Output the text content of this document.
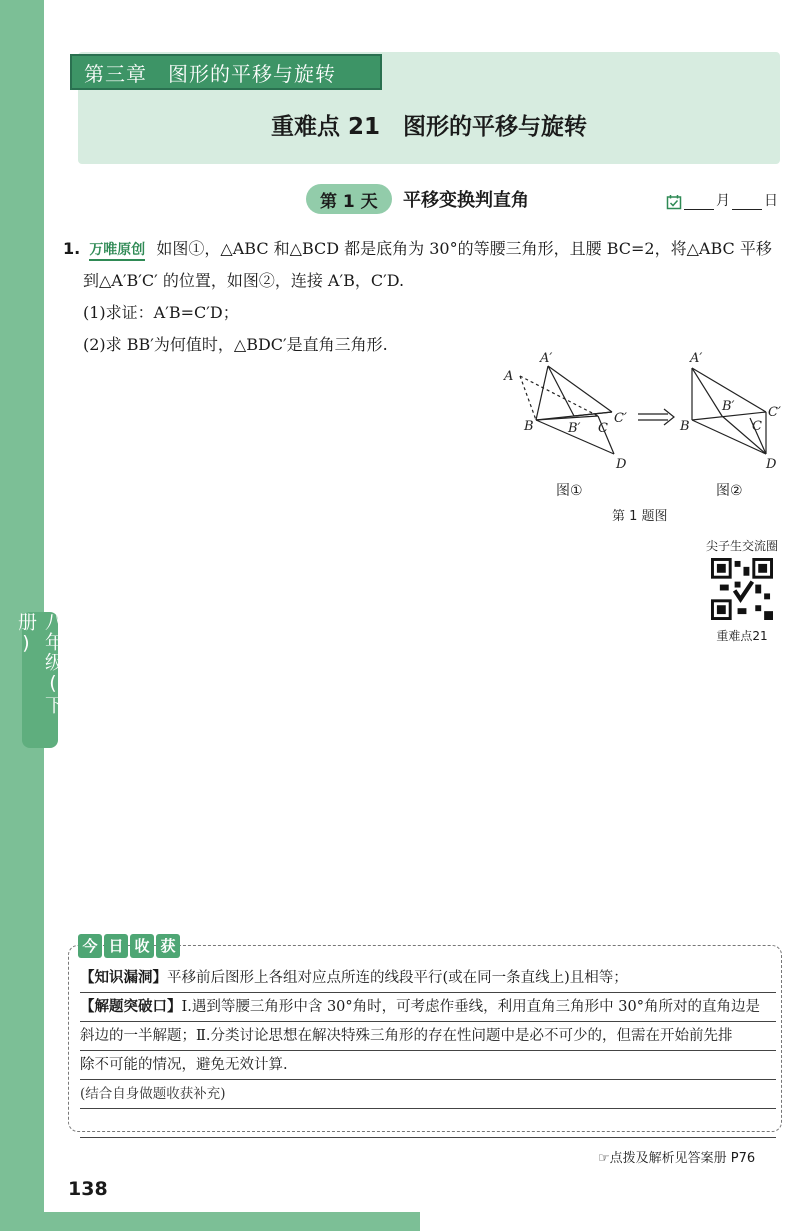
八年级(下册)
第三章　图形的平移与旋转
重难点 21　图形的平移与旋转
第 1 天	平移变换判直角	月 日
1. 万唯原创 如图①，△ABC 和△BCD 都是底角为 30°的等腰三角形，且腰 BC=2，将△ABC 平移
到△A′B′C′ 的位置，如图②，连接 A′B，C′D.
(1)求证：A′B=C′D；
(2)求 BB′为何值时，△BDC′是直角三角形.
A
A′
B	B′ C
C′
D
A′
B
B′
C
C′
D
图①	图②
第 1 题图
尖子生交流圈
重难点21
今 日 收 获
【知识漏洞】平移前后图形上各组对应点所连的线段平行(或在同一条直线上)且相等；
【解题突破口】Ⅰ.遇到等腰三角形中含 30°角时，可考虑作垂线，利用直角三角形中 30°角所对的直角边是
斜边的一半解题；Ⅱ.分类讨论思想在解决特殊三角形的存在性问题中是必不可少的，但需在开始前先排
除不可能的情况，避免无效计算.
(结合自身做题收获补充)

☞点拨及解析见答案册 P76
138
